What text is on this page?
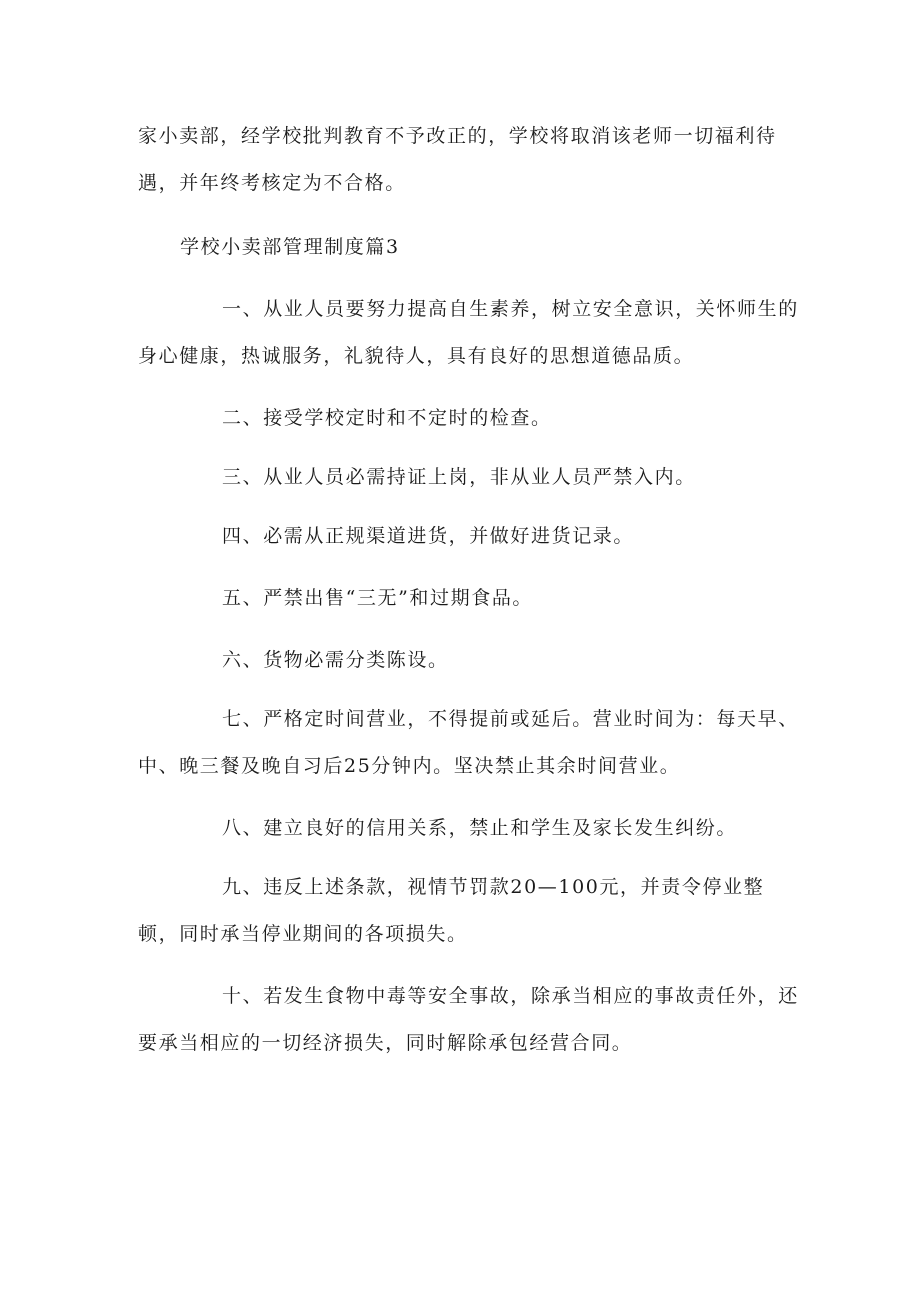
家小卖部，经学校批判教育不予改正的，学校将取消该老师一切福利待
遇，并年终考核定为不合格。
学校小卖部管理制度篇3
一、从业人员要努力提高自生素养，树立安全意识，关怀师生的
身心健康，热诚服务，礼貌待人，具有良好的思想道德品质。
二、接受学校定时和不定时的检查。
三、从业人员必需持证上岗，非从业人员严禁入内。
四、必需从正规渠道进货，并做好进货记录。
五、严禁出售“三无”和过期食品。
六、货物必需分类陈设。
七、严格定时间营业，不得提前或延后。营业时间为：每天早、
中、晚三餐及晚自习后25分钟内。坚决禁止其余时间营业。
八、建立良好的信用关系，禁止和学生及家长发生纠纷。
九、违反上述条款，视情节罚款20—100元，并责令停业整
顿，同时承当停业期间的各项损失。
十、若发生食物中毒等安全事故，除承当相应的事故责任外，还
要承当相应的一切经济损失，同时解除承包经营合同。
